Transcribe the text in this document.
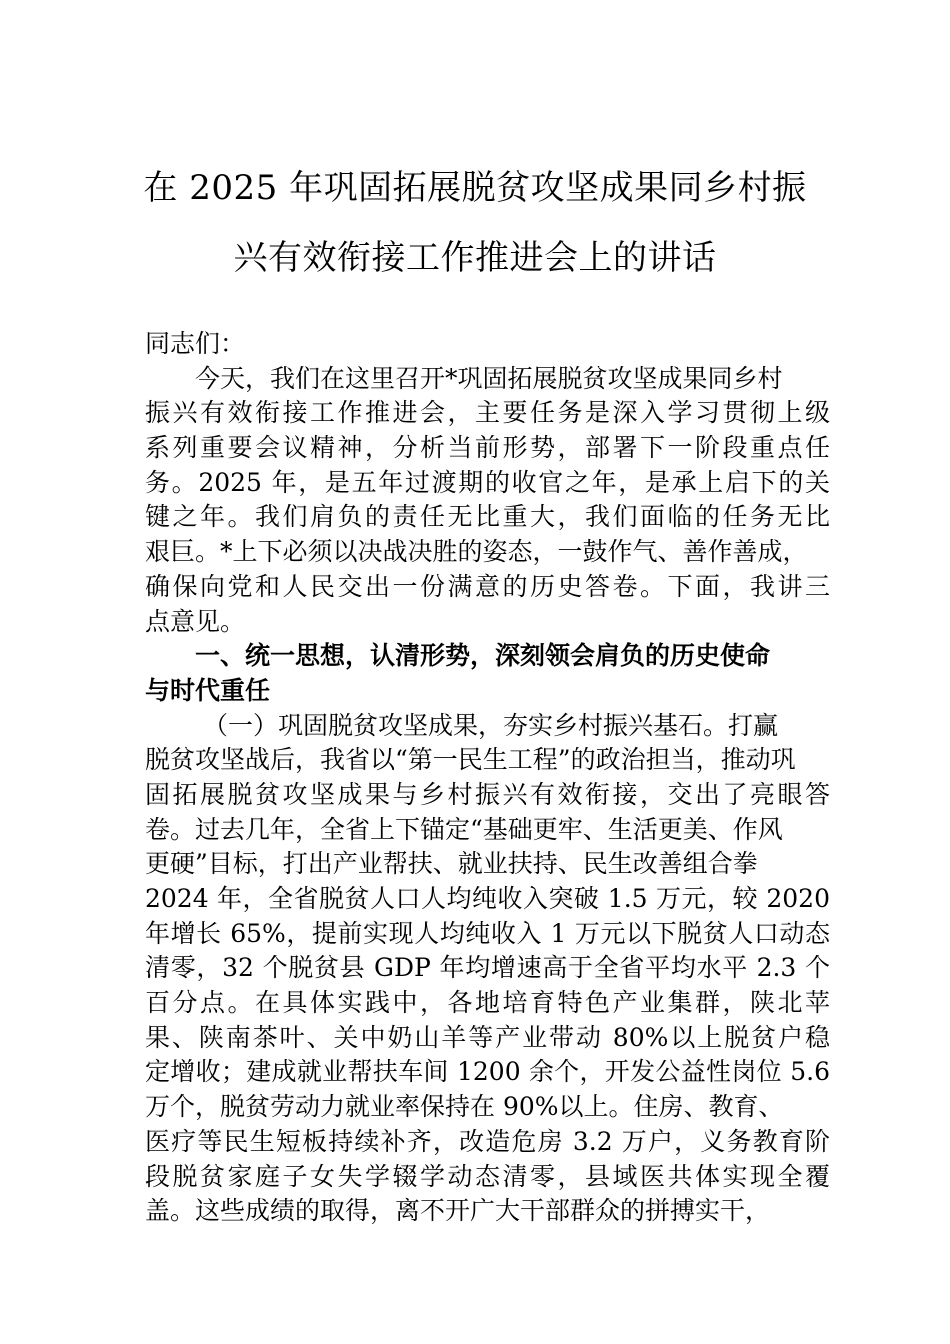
在 2025 年巩固拓展脱贫攻坚成果同乡村振
兴有效衔接工作推进会上的讲话
同志们：
今天，我们在这里召开*巩固拓展脱贫攻坚成果同乡村
振兴有效衔接工作推进会，主要任务是深入学习贯彻上级
系列重要会议精神，分析当前形势，部署下一阶段重点任
务。2025 年，是五年过渡期的收官之年，是承上启下的关
键之年。我们肩负的责任无比重大，我们面临的任务无比
艰巨。*上下必须以决战决胜的姿态，一鼓作气、善作善成，
确保向党和人民交出一份满意的历史答卷。下面，我讲三
点意见。
一、统一思想，认清形势，深刻领会肩负的历史使命
与时代重任
（一）巩固脱贫攻坚成果，夯实乡村振兴基石。打赢
脱贫攻坚战后，我省以“第一民生工程”的政治担当，推动巩
固拓展脱贫攻坚成果与乡村振兴有效衔接，交出了亮眼答
卷。过去几年，全省上下锚定“基础更牢、生活更美、作风
更硬”目标，打出产业帮扶、就业扶持、民生改善组合拳
2024 年，全省脱贫人口人均纯收入突破 1.5 万元，较 2020
年增长 65%，提前实现人均纯收入 1 万元以下脱贫人口动态
清零，32 个脱贫县 GDP 年均增速高于全省平均水平 2.3 个
百分点。在具体实践中，各地培育特色产业集群，陕北苹
果、陕南茶叶、关中奶山羊等产业带动 80%以上脱贫户稳
定增收；建成就业帮扶车间 1200 余个，开发公益性岗位 5.6
万个，脱贫劳动力就业率保持在 90%以上。住房、教育、
医疗等民生短板持续补齐，改造危房 3.2 万户，义务教育阶
段脱贫家庭子女失学辍学动态清零，县域医共体实现全覆
盖。这些成绩的取得，离不开广大干部群众的拼搏实干，
